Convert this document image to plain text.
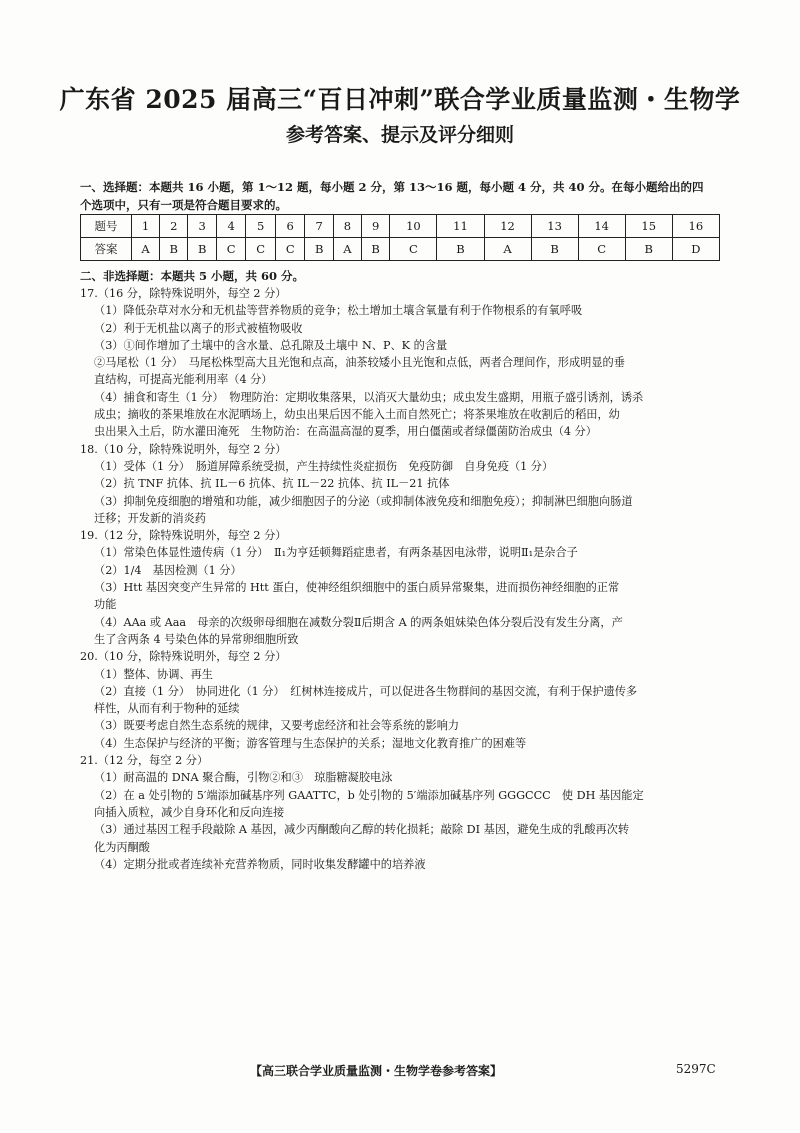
广东省 2025 届高三“百日冲刺”联合学业质量监测・生物学
参考答案、提示及评分细则
一、选择题：本题共 16 小题，第 1～12 题，每小题 2 分，第 13～16 题，每小题 4 分，共 40 分。在每小题给出的四
个选项中，只有一项是符合题目要求的。
题号	1	2	3	4	5	6	7	8	9	10	11	12	13	14	15	16
答案	A	B	B	C	C	C	B	A	B	C	B	A	B	C	B	D
二、非选择题：本题共 5 小题，共 60 分。
17.（16 分，除特殊说明外，每空 2 分）
（1）降低杂草对水分和无机盐等营养物质的竞争；松土增加土壤含氧量有利于作物根系的有氧呼吸
（2）利于无机盐以离子的形式被植物吸收
（3）①间作增加了土壤中的含水量、总孔隙及土壤中 N、P、K 的含量
②马尾松（1 分）　马尾松株型高大且光饱和点高，油茶较矮小且光饱和点低，两者合理间作，形成明显的垂
直结构，可提高光能利用率（4 分）
（4）捕食和寄生（1 分）　物理防治：定期收集落果，以消灭大量幼虫；成虫发生盛期，用瓶子盛引诱剂，诱杀
成虫；摘收的茶果堆放在水泥晒场上，幼虫出果后因不能入土而自然死亡；将茶果堆放在收割后的稻田，幼
虫出果入土后，防水灌田淹死　生物防治：在高温高湿的夏季，用白僵菌或者绿僵菌防治成虫（4 分）
18.（10 分，除特殊说明外，每空 2 分）
（1）受体（1 分）　肠道屏障系统受损，产生持续性炎症损伤　免疫防御　自身免疫（1 分）
（2）抗 TNF 抗体、抗 IL－6 抗体、抗 IL－22 抗体、抗 IL－21 抗体
（3）抑制免疫细胞的增殖和功能，减少细胞因子的分泌（或抑制体液免疫和细胞免疫）；抑制淋巴细胞向肠道
迁移；开发新的消炎药
19.（12 分，除特殊说明外，每空 2 分）
（1）常染色体显性遗传病（1 分）　Ⅱ₁为亨廷顿舞蹈症患者，有两条基因电泳带，说明Ⅱ₁是杂合子
（2）1/4　基因检测（1 分）
（3）Htt 基因突变产生异常的 Htt 蛋白，使神经组织细胞中的蛋白质异常聚集，进而损伤神经细胞的正常
功能
（4）AAa 或 Aaa　母亲的次级卵母细胞在减数分裂Ⅱ后期含 A 的两条姐妹染色体分裂后没有发生分离，产
生了含两条 4 号染色体的异常卵细胞所致
20.（10 分，除特殊说明外，每空 2 分）
（1）整体、协调、再生
（2）直接（1 分）　协同进化（1 分）　红树林连接成片，可以促进各生物群间的基因交流，有利于保护遗传多
样性，从而有利于物种的延续
（3）既要考虑自然生态系统的规律，又要考虑经济和社会等系统的影响力
（4）生态保护与经济的平衡；游客管理与生态保护的关系；湿地文化教育推广的困难等
21.（12 分，每空 2 分）
（1）耐高温的 DNA 聚合酶，引物②和③　琼脂糖凝胶电泳
（2）在 a 处引物的 5′端添加碱基序列 GAATTC，b 处引物的 5′端添加碱基序列 GGGCCC　使 DH 基因能定
向插入质粒，减少自身环化和反向连接
（3）通过基因工程手段敲除 A 基因，减少丙酮酸向乙醇的转化损耗；敲除 DI 基因，避免生成的乳酸再次转
化为丙酮酸
（4）定期分批或者连续补充营养物质，同时收集发酵罐中的培养液
【高三联合学业质量监测・生物学卷参考答案】	5297C
